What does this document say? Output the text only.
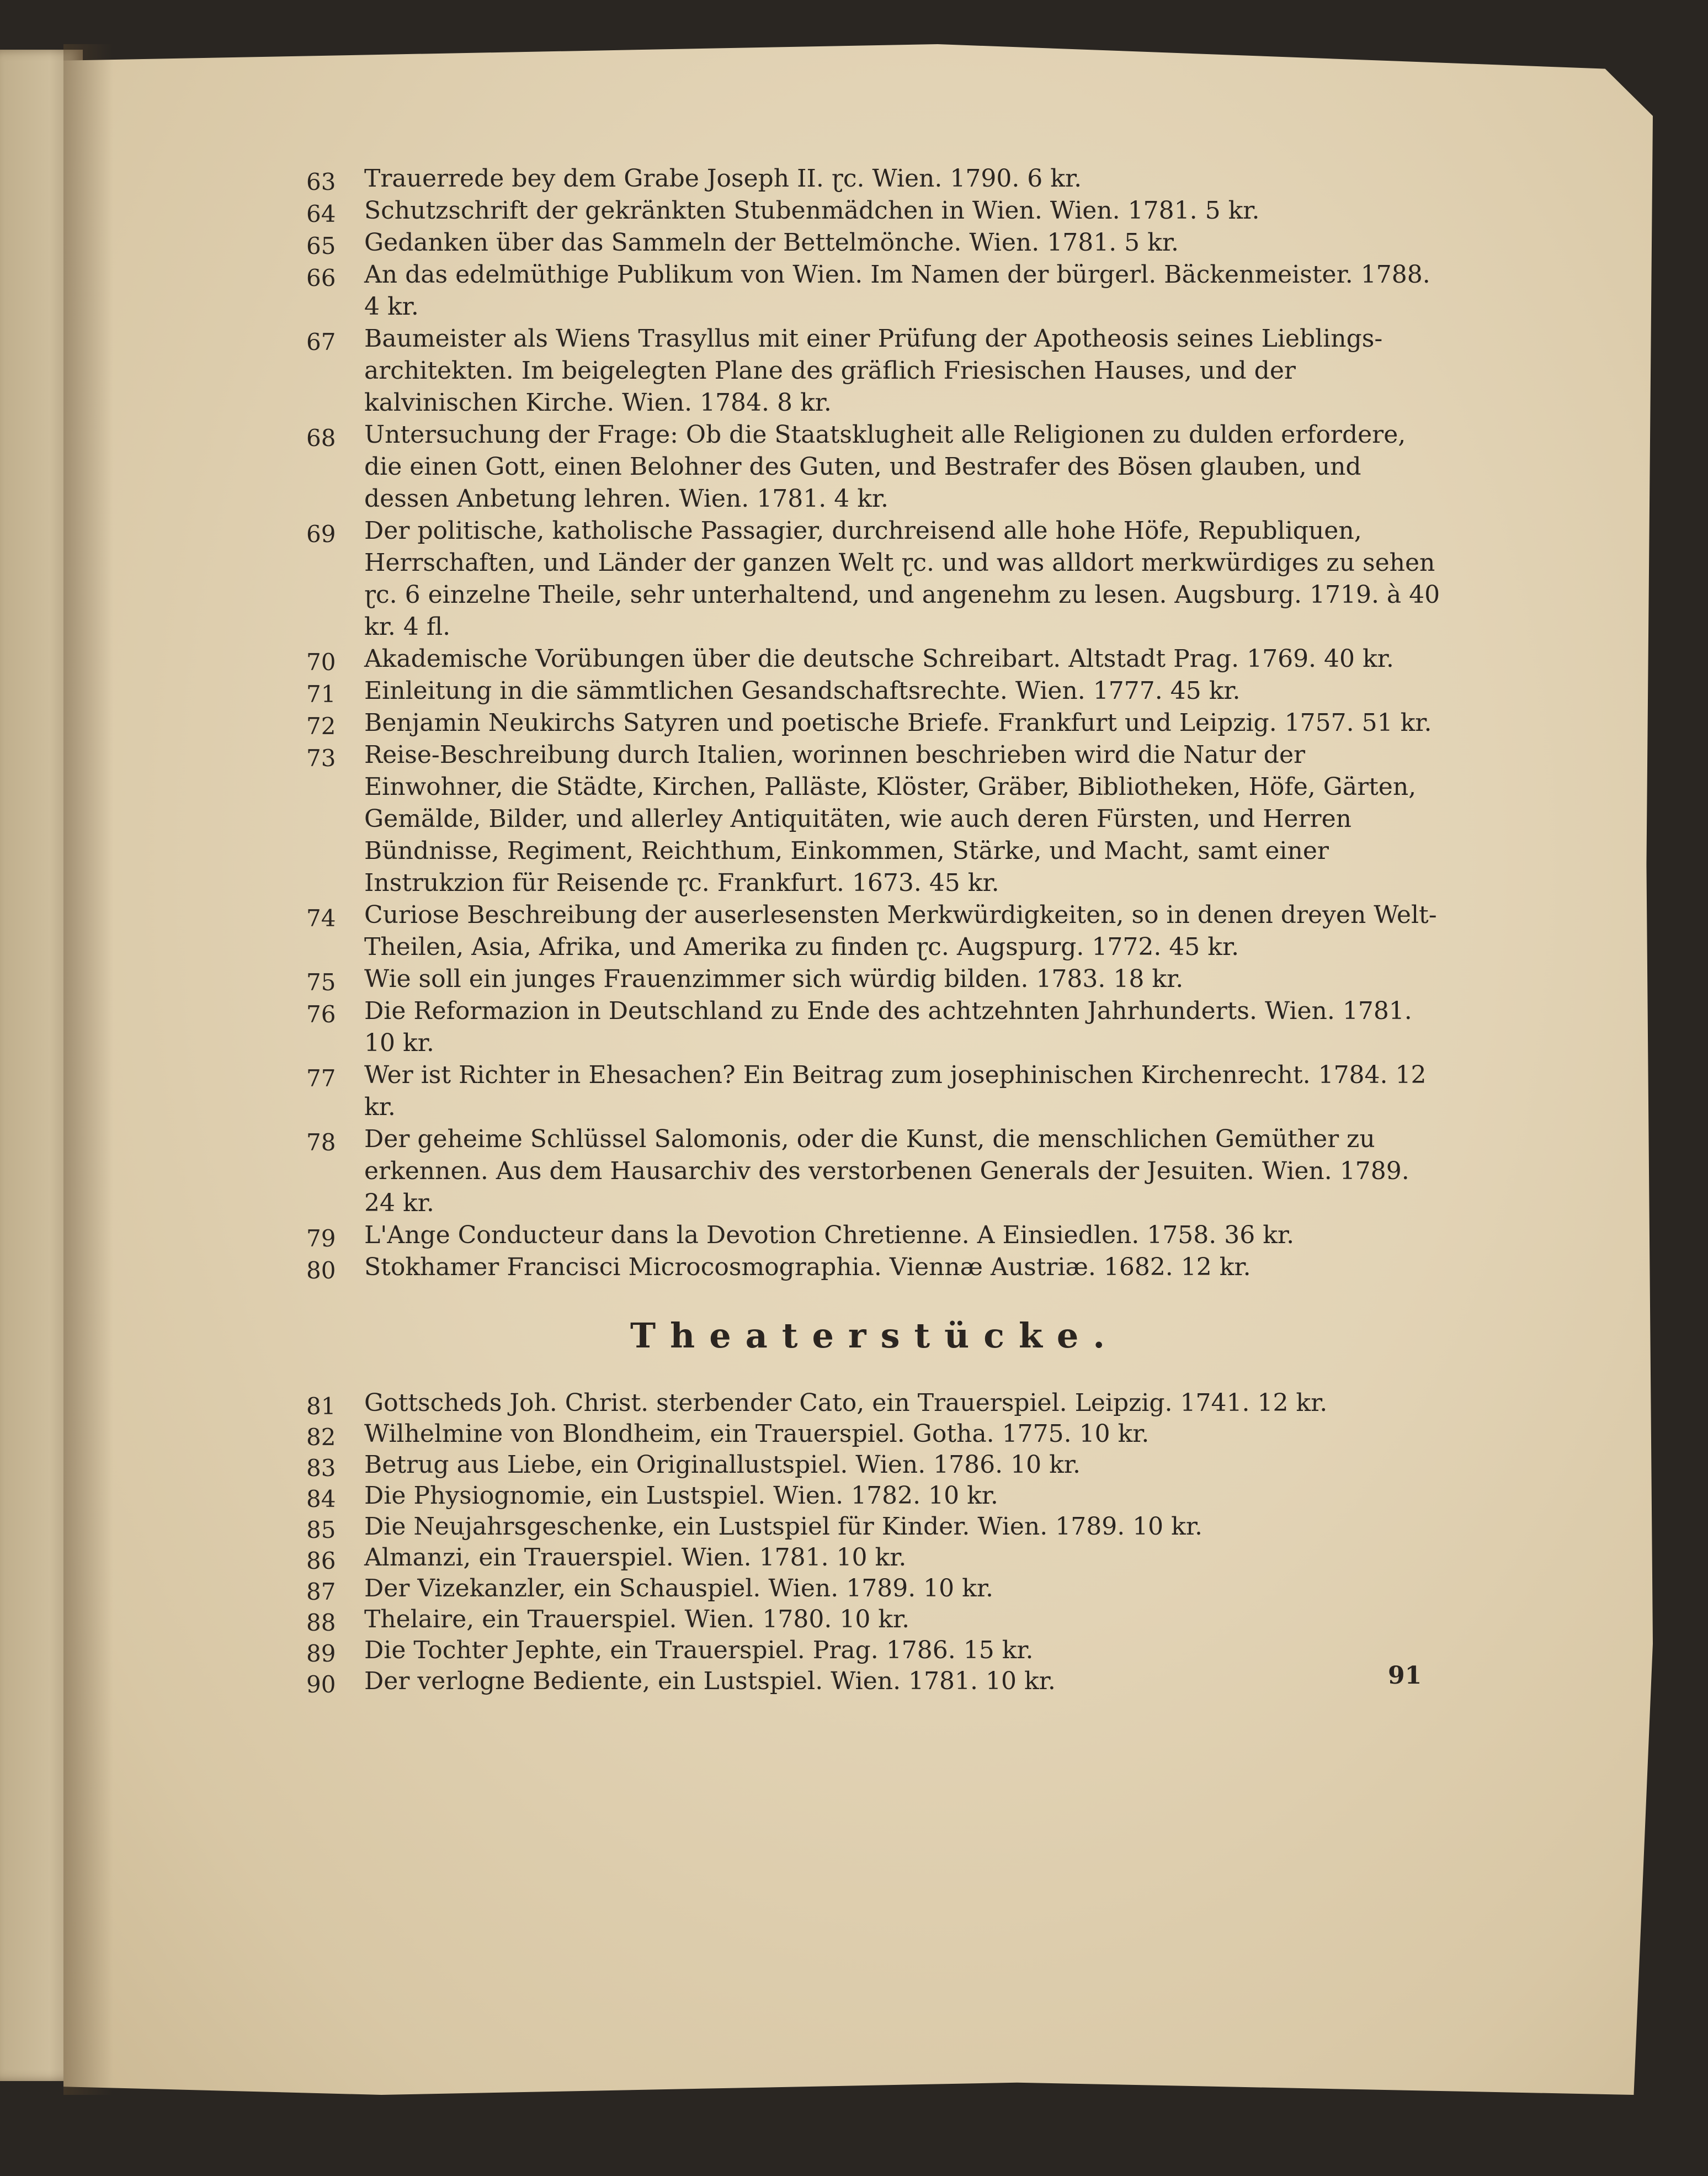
63	Trauerrede bey dem Grabe Joseph II. ɽc. Wien. 1790. 6 kr.
64	Schutzschrift der gekränkten Stubenmädchen in Wien. Wien. 1781. 5 kr.
65	Gedanken über das Sammeln der Bettelmönche. Wien. 1781. 5 kr.
66	An das edelmüthige Publikum von Wien. Im Namen der bürgerl. Bäckenmeister. 1788. 4 kr.
67	Baumeister als Wiens Trasyllus mit einer Prüfung der Apotheosis seines Lieblings-architekten. Im beigelegten Plane des gräflich Friesischen Hauses, und der kalvinischen Kirche. Wien. 1784. 8 kr.
68	Untersuchung der Frage: Ob die Staatsklugheit alle Religionen zu dulden erfordere, die einen Gott, einen Belohner des Guten, und Bestrafer des Bösen glauben, und dessen Anbetung lehren. Wien. 1781. 4 kr.
69	Der politische, katholische Passagier, durchreisend alle hohe Höfe, Republiquen, Herrschaften, und Länder der ganzen Welt ɽc. und was alldort merkwürdiges zu sehen ɽc. 6 einzelne Theile, sehr unterhaltend, und angenehm zu lesen. Augsburg. 1719. à 40 kr. 4 fl.
70	Akademische Vorübungen über die deutsche Schreibart. Altstadt Prag. 1769. 40 kr.
71	Einleitung in die sämmtlichen Gesandschaftsrechte. Wien. 1777. 45 kr.
72	Benjamin Neukirchs Satyren und poetische Briefe. Frankfurt und Leipzig. 1757. 51 kr.
73	Reise-Beschreibung durch Italien, worinnen beschrieben wird die Natur der Einwohner, die Städte, Kirchen, Palläste, Klöster, Gräber, Bibliotheken, Höfe, Gärten, Gemälde, Bilder, und allerley Antiquitäten, wie auch deren Fürsten, und Herren Bündnisse, Regiment, Reichthum, Einkommen, Stärke, und Macht, samt einer Instrukzion für Reisende ɽc. Frankfurt. 1673. 45 kr.
74	Curiose Beschreibung der auserlesensten Merkwürdigkeiten, so in denen dreyen Welt-Theilen, Asia, Afrika, und Amerika zu finden ɽc. Augspurg. 1772. 45 kr.
75	Wie soll ein junges Frauenzimmer sich würdig bilden. 1783. 18 kr.
76	Die Reformazion in Deutschland zu Ende des achtzehnten Jahrhunderts. Wien. 1781. 10 kr.
77	Wer ist Richter in Ehesachen? Ein Beitrag zum josephinischen Kirchenrecht. 1784. 12 kr.
78	Der geheime Schlüssel Salomonis, oder die Kunst, die menschlichen Gemüther zu erkennen. Aus dem Hausarchiv des verstorbenen Generals der Jesuiten. Wien. 1789. 24 kr.
79	L'Ange Conducteur dans la Devotion Chretienne. A Einsiedlen. 1758. 36 kr.
80	Stokhamer Francisci Microcosmographia. Viennæ Austriæ. 1682. 12 kr.
Theaterstücke.
81	Gottscheds Joh. Christ. sterbender Cato, ein Trauerspiel. Leipzig. 1741. 12 kr.
82	Wilhelmine von Blondheim, ein Trauerspiel. Gotha. 1775. 10 kr.
83	Betrug aus Liebe, ein Originallustspiel. Wien. 1786. 10 kr.
84	Die Physiognomie, ein Lustspiel. Wien. 1782. 10 kr.
85	Die Neujahrsgeschenke, ein Lustspiel für Kinder. Wien. 1789. 10 kr.
86	Almanzi, ein Trauerspiel. Wien. 1781. 10 kr.
87	Der Vizekanzler, ein Schauspiel. Wien. 1789. 10 kr.
88	Thelaire, ein Trauerspiel. Wien. 1780. 10 kr.
89	Die Tochter Jephte, ein Trauerspiel. Prag. 1786. 15 kr.
90	Der verlogne Bediente, ein Lustspiel. Wien. 1781. 10 kr.	91
